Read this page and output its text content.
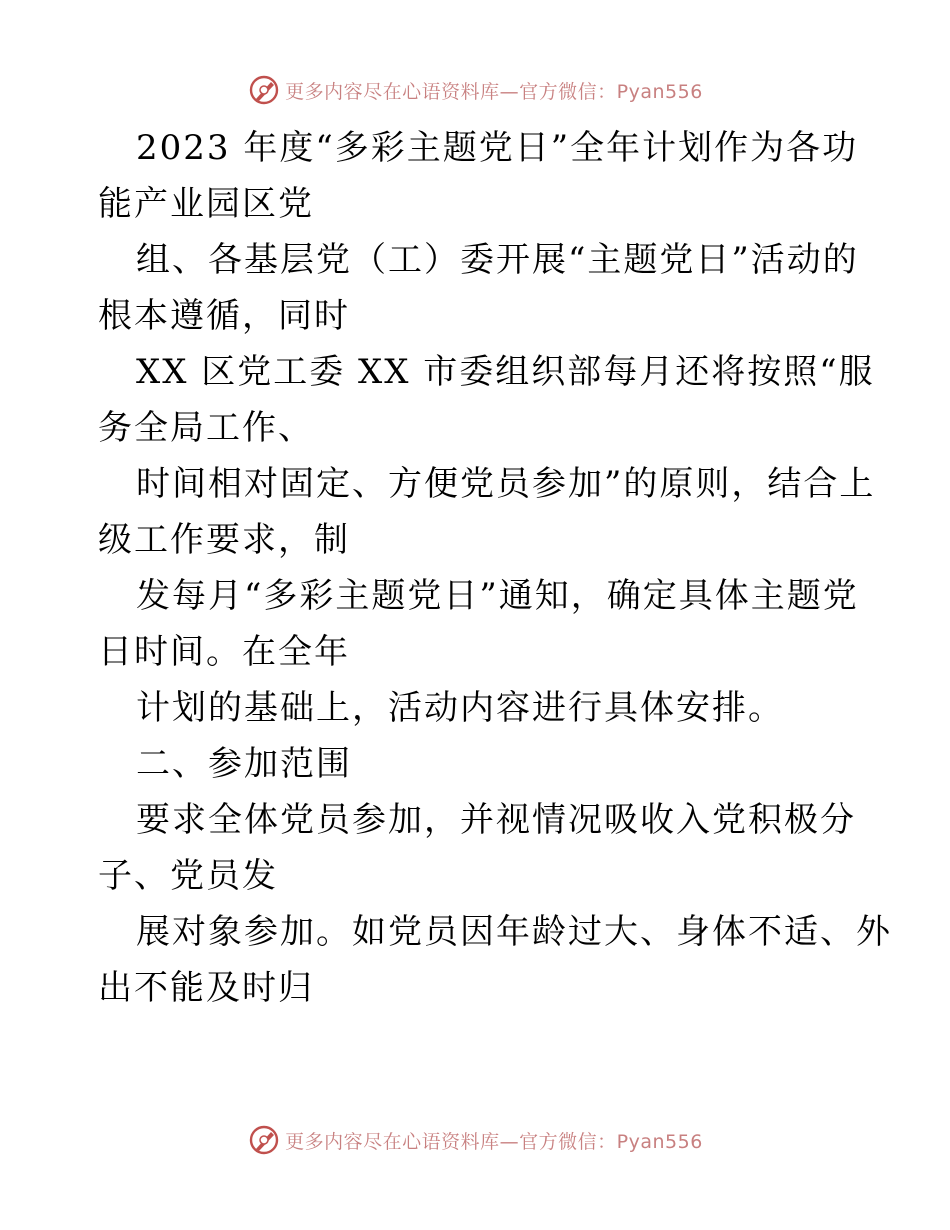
更多内容尽在心语资料库—官方微信：Pyan556
2023 年度“多彩主题党日”全年计划作为各功
能产业园区党
组、各基层党（工）委开展“主题党日”活动的
根本遵循，同时
XX 区党工委 XX 市委组织部每月还将按照“服
务全局工作、
时间相对固定、方便党员参加”的原则，结合上
级工作要求，制
发每月“多彩主题党日”通知，确定具体主题党
日时间。在全年
计划的基础上，活动内容进行具体安排。
二、参加范围
要求全体党员参加，并视情况吸收入党积极分
子、党员发
展对象参加。如党员因年龄过大、身体不适、外
出不能及时归
更多内容尽在心语资料库—官方微信：Pyan556
